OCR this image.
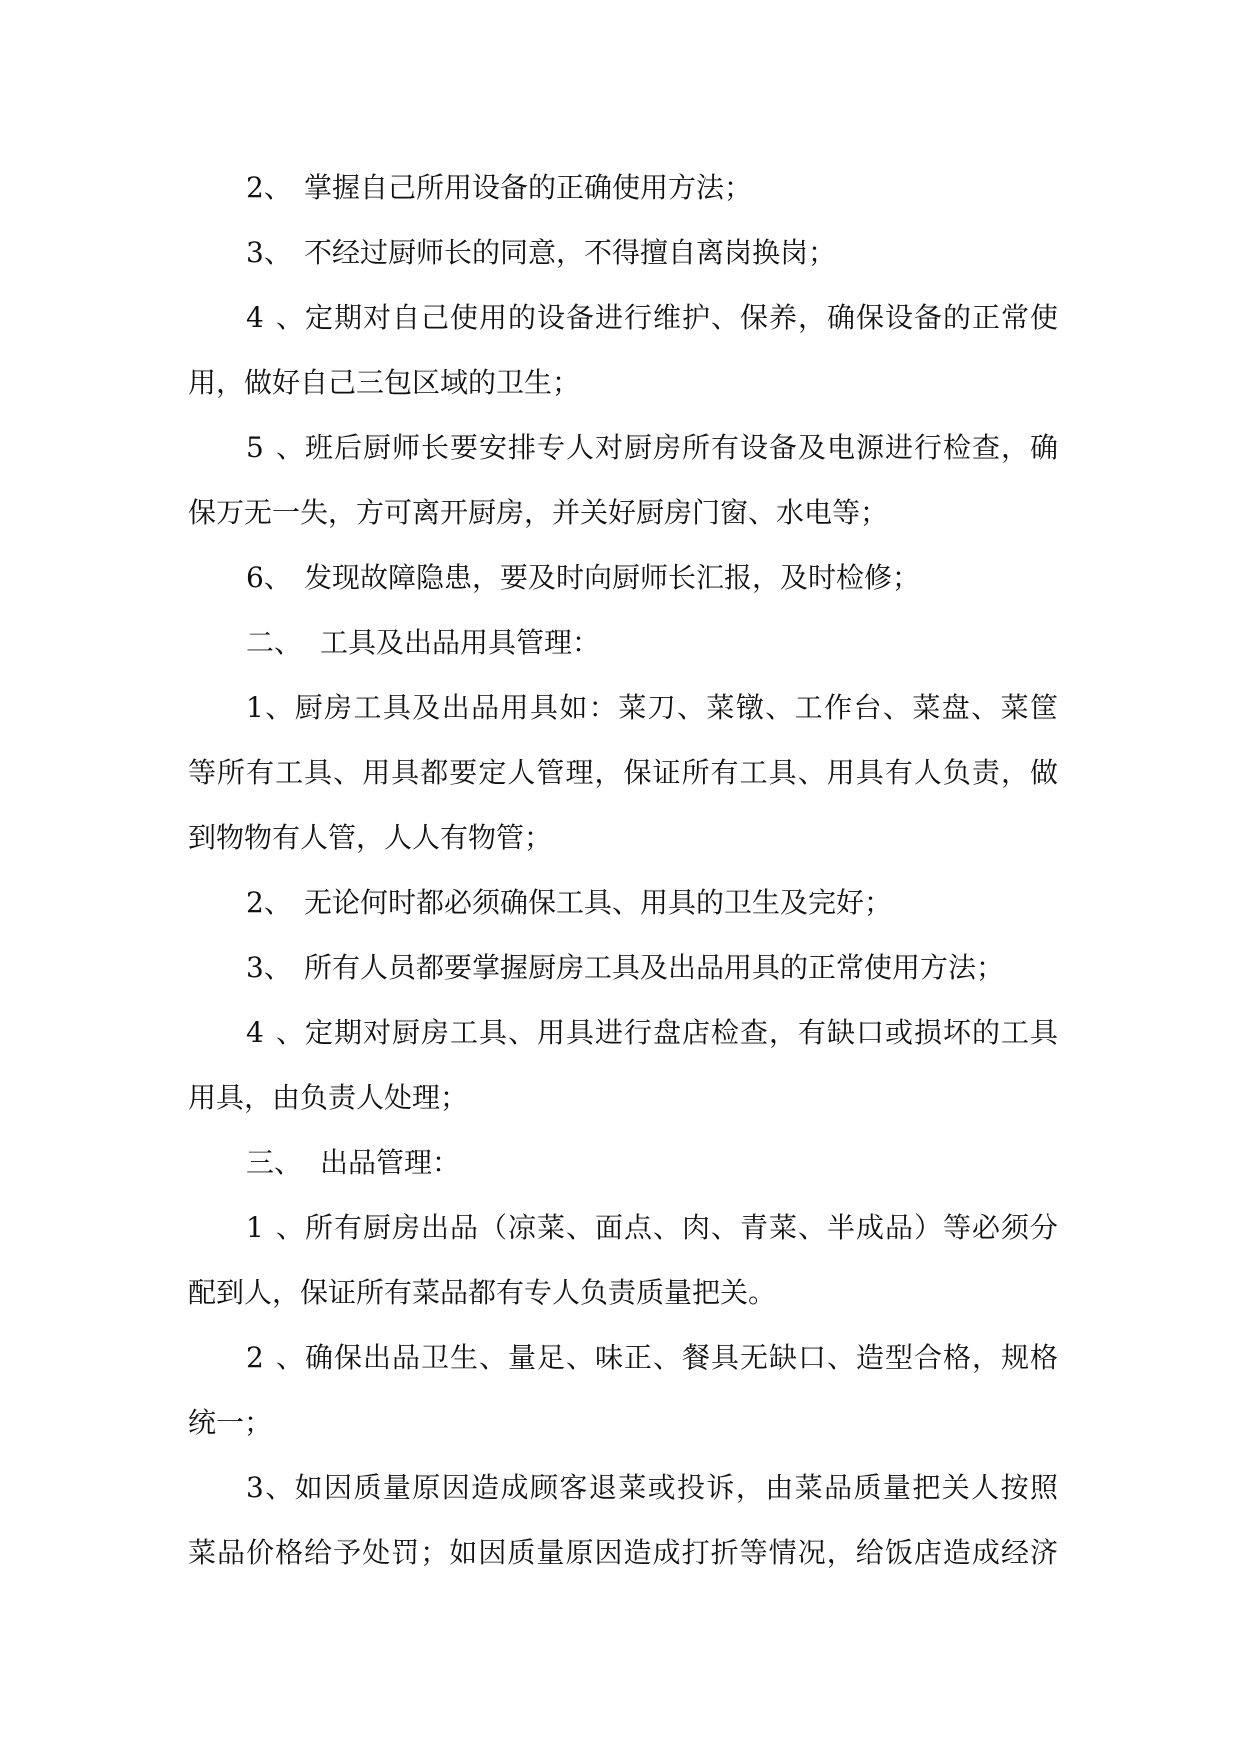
2、 掌握自己所用设备的正确使用方法；
3、 不经过厨师长的同意，不得擅自离岗换岗；
4、定期对自己使用的设备进行维护、保养，确保设备的正常使
用，做好自己三包区域的卫生；
5、班后厨师长要安排专人对厨房所有设备及电源进行检查，确
保万无一失，方可离开厨房，并关好厨房门窗、水电等；
6、 发现故障隐患，要及时向厨师长汇报，及时检修；
二、 工具及出品用具管理：
1、厨房工具及出品用具如：菜刀、菜镦、工作台、菜盘、菜筐
等所有工具、用具都要定人管理，保证所有工具、用具有人负责，做
到物物有人管，人人有物管；
2、 无论何时都必须确保工具、用具的卫生及完好；
3、 所有人员都要掌握厨房工具及出品用具的正常使用方法；
4、定期对厨房工具、用具进行盘店检查，有缺口或损坏的工具
用具，由负责人处理；
三、 出品管理：
1、所有厨房出品（凉菜、面点、肉、青菜、半成品）等必须分
配到人，保证所有菜品都有专人负责质量把关。
2、确保出品卫生、量足、味正、餐具无缺口、造型合格，规格
统一；
3、如因质量原因造成顾客退菜或投诉，由菜品质量把关人按照
菜品价格给予处罚；如因质量原因造成打折等情况，给饭店造成经济
